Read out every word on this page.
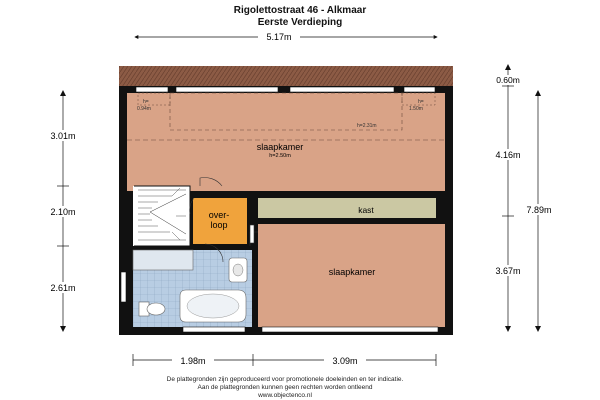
Rigolettostraat 46 - Alkmaar
Eerste Verdieping
5.17m
slaapkamer
h=2.50m
kast
over-
loop
slaapkamer
h=
0.94m
h=
1.50m
h=2.31m
3.01m
2.10m
2.61m
0.60m
4.16m
3.67m
7.89m
1.98m	3.09m
De plattegronden zijn geproduceerd voor promotionele doeleinden en ter indicatie.
Aan de plattegronden kunnen geen rechten worden ontleend
www.objectenco.nl
